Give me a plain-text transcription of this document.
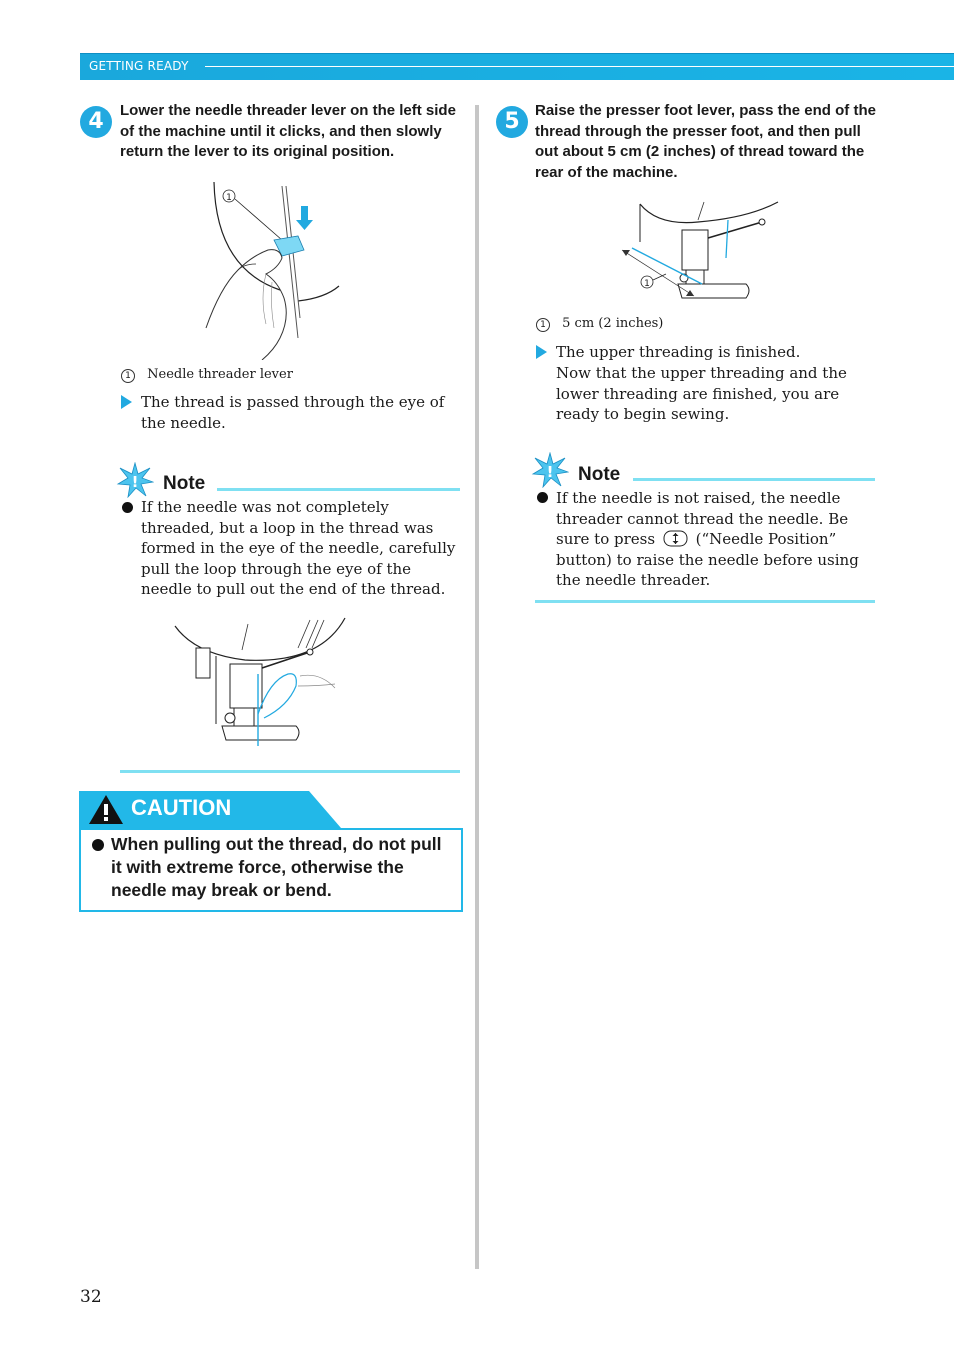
GETTING READY
4	Lower the needle threader lever on the left side of the machine until it clicks, and then slowly return the lever to its original position.
1
1 Needle threader lever
The thread is passed through the eye of the needle.
! Note
If the needle was not completely threaded, but a loop in the thread was formed in the eye of the needle, carefully pull the loop through the eye of the needle to pull out the end of the thread.
CAUTION
When pulling out the thread, do not pull it with extreme force, otherwise the needle may break or bend.
5	Raise the presser foot lever, pass the end of the thread through the presser foot, and then pull out about 5 cm (2 inches) of thread toward the rear of the machine.
1
1 5 cm (2 inches)
The upper threading is finished.
Now that the upper threading and the lower threading are finished, you are ready to begin sewing.
! Note
If the needle is not raised, the needle threader cannot thread the needle. Be sure to press	(“Needle Position” button) to raise the needle before using the needle threader.
32
